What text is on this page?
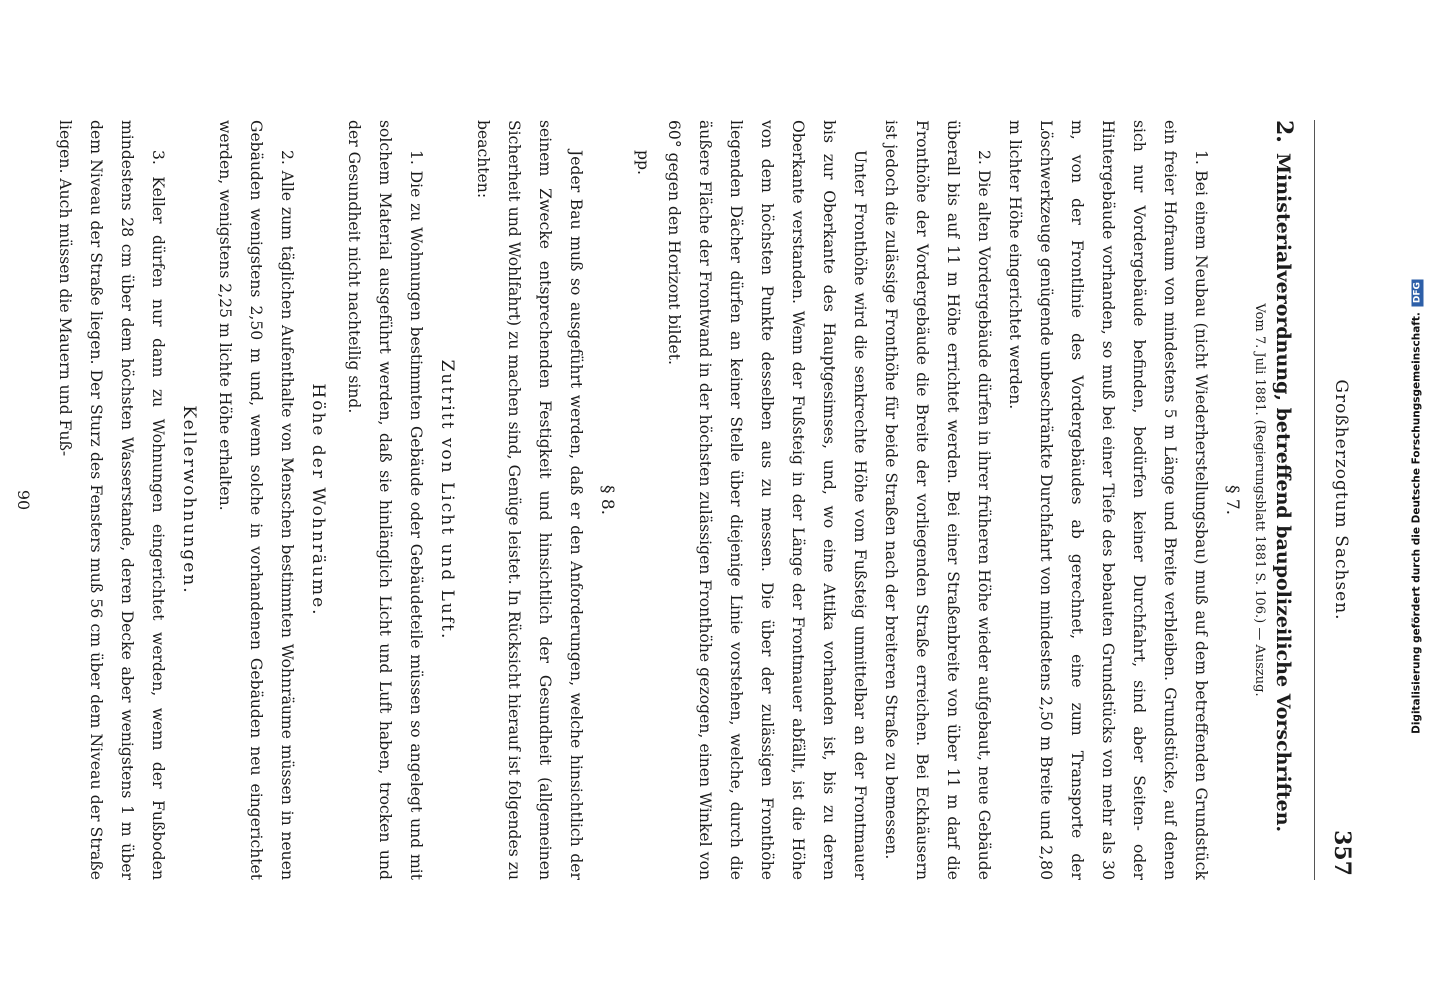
Großherzogtum Sachsen.
357
2.Ministerialverordnung, betreffend baupolizeiliche Vorschriften.
Vom 7. Juli 1881. (Regierungsblatt 1881 S. 106.) — Auszug.
§ 7.

1. Bei einem Neubau (nicht Wiederherstellungsbau) muß auf dem betreffenden Grundstück ein freier Hofraum von mindestens 5 m Länge und Breite verbleiben. Grundstücke, auf denen sich nur Vordergebäude befinden, bedürfen keiner Durchfahrt, sind aber Seiten- oder Hintergebäude vorhanden, so muß bei einer Tiefe des bebauten Grundstücks von mehr als 30 m, von der Frontlinie des Vordergebäudes ab gerechnet, eine zum Transporte der Löschwerkzeuge genügende unbeschränkte Durchfahrt von mindestens 2,50 m Breite und 2,80 m lichter Höhe eingerichtet werden.

2. Die alten Vordergebäude dürfen in ihrer früheren Höhe wieder aufgebaut, neue Gebäude überall bis auf 11 m Höhe errichtet werden. Bei einer Straßenbreite von über 11 m darf die Fronthöhe der Vordergebäude die Breite der vorliegenden Straße erreichen. Bei Eckhäusern ist jedoch die zulässige Fronthöhe für beide Straßen nach der breiteren Straße zu bemessen.

Unter Fronthöhe wird die senkrechte Höhe vom Fußsteig unmittelbar an der Frontmauer bis zur Oberkante des Hauptgesimses, und, wo eine Attika vorhanden ist, bis zu deren Oberkante verstanden. Wenn der Fußsteig in der Länge der Frontmauer abfällt, ist die Höhe von dem höchsten Punkte desselben aus zu messen. Die über der zulässigen Fronthöhe liegenden Dächer dürfen an keiner Stelle über diejenige Linie vorstehen, welche, durch die äußere Fläche der Frontwand in der höchsten zulässigen Fronthöhe gezogen, einen Winkel von 60° gegen den Horizont bildet.

pp.

§ 8.

Jeder Bau muß so ausgeführt werden, daß er den Anforderungen, welche hinsichtlich der seinem Zwecke entsprechenden Festigkeit und hinsichtlich der Gesundheit (allgemeinen Sicherheit und Wohlfahrt) zu machen sind, Genüge leistet. In Rücksicht hierauf ist folgendes zu beachten:

Zutritt von Licht und Luft.

1. Die zu Wohnungen bestimmten Gebäude oder Gebäudeteile müssen so angelegt und mit solchem Material ausgeführt werden, daß sie hinlänglich Licht und Luft haben, trocken und der Gesundheit nicht nachteilig sind.

Höhe der Wohnräume.

2. Alle zum täglichen Aufenthalte von Menschen bestimmten Wohnräume müssen in neuen Gebäuden wenigstens 2,50 m und, wenn solche in vorhandenen Gebäuden neu eingerichtet werden, wenigstens 2,25 m lichte Höhe erhalten.

Kellerwohnungen.

3. Keller dürfen nur dann zu Wohnungen eingerichtet werden, wenn der Fußboden mindestens 28 cm über dem höchsten Wasserstande, deren Decke aber wenigstens 1 m über dem Niveau der Straße liegen. Der Sturz des Fensters muß 56 cm über dem Niveau der Straße liegen. Auch müssen die Mauern und Fuß-

90	Digitalisierung gefördert durch die Deutsche Forschungsgemeinschaft.DFG
